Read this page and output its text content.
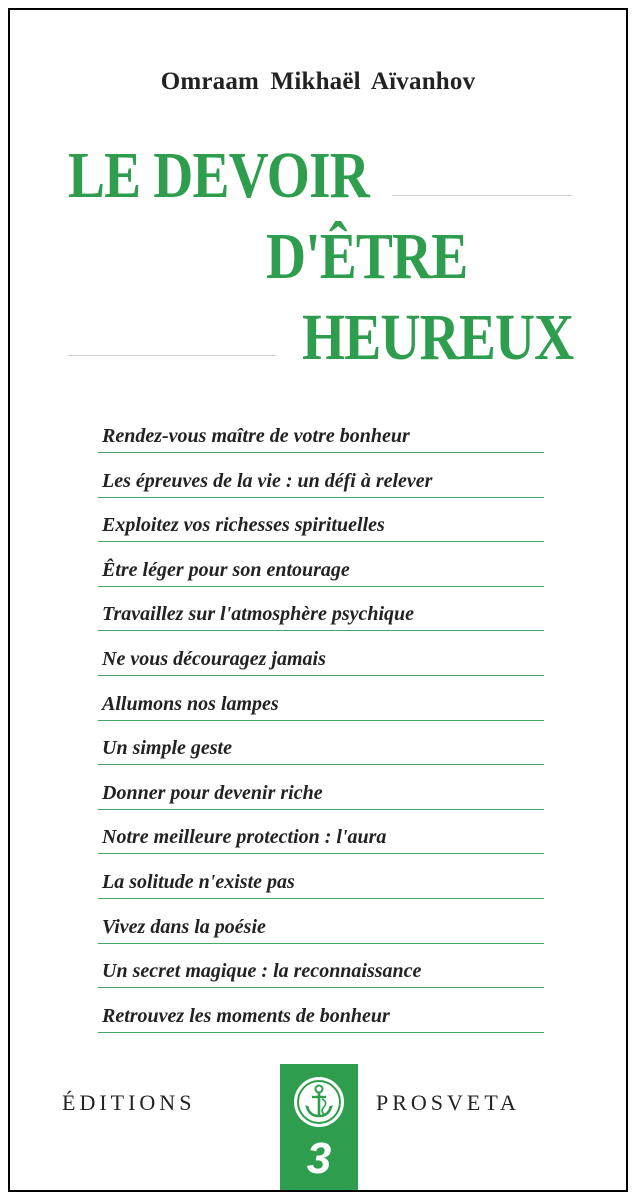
Omraam Mikhaël Aïvanhov
LE DEVOIR
D'ÊTRE
HEUREUX
Rendez-vous maître de votre bonheur
Les épreuves de la vie : un défi à relever
Exploitez vos richesses spirituelles
Être léger pour son entourage
Travaillez sur l'atmosphère psychique
Ne vous découragez jamais
Allumons nos lampes
Un simple geste
Donner pour devenir riche
Notre meilleure protection : l'aura
La solitude n'existe pas
Vivez dans la poésie
Un secret magique : la reconnaissance
Retrouvez les moments de bonheur
ÉDITIONS
3
PROSVETA
